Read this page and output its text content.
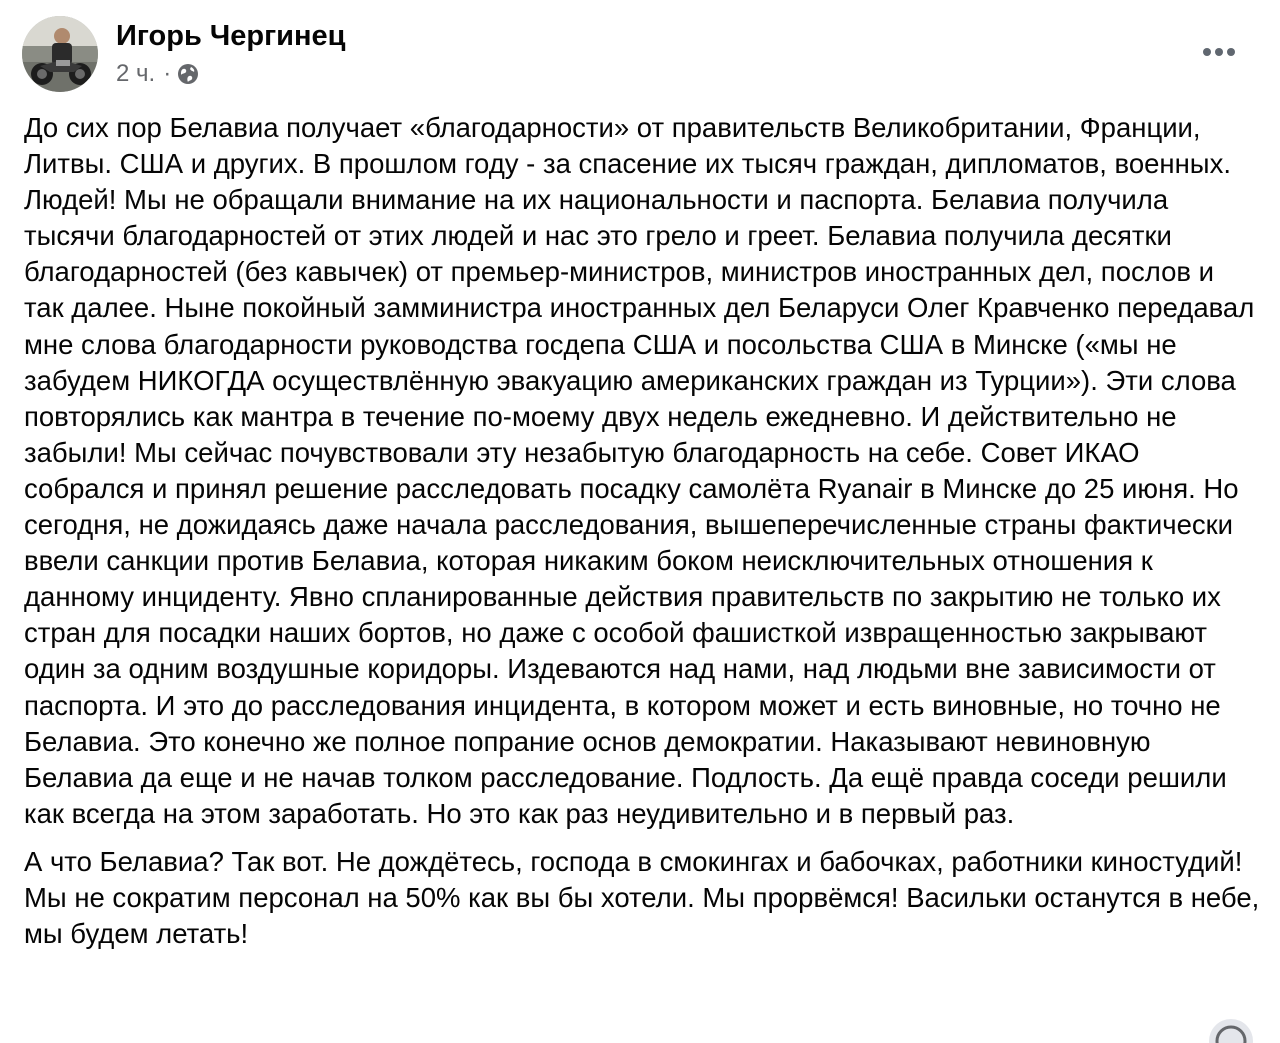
Игорь Чергинец
2 ч. ·

До сих пор Белавиа получает «благодарности» от правительств Великобритании, Франции, Литвы. США и других. В прошлом году - за спасение их тысяч граждан, дипломатов, военных. Людей! Мы не обращали внимание на их национальности и паспорта. Белавиа получила тысячи благодарностей от этих людей и нас это грело и греет. Белавиа получила десятки благодарностей (без кавычек) от премьер-министров, министров иностранных дел, послов и так далее. Ныне покойный замминистра иностранных дел Беларуси Олег Кравченко передавал мне слова благодарности руководства госдепа США и посольства США в Минске («мы не забудем НИКОГДА осуществлённую эвакуацию американских граждан из Турции»). Эти слова повторялись как мантра в течение по-моему двух недель ежедневно. И действительно не забыли! Мы сейчас почувствовали эту незабытую благодарность на себе. Совет ИКАО собрался и принял решение расследовать посадку самолёта Ryanair в Минске до 25 июня. Но сегодня, не дожидаясь даже начала расследования, вышеперечисленные страны фактически ввели санкции против Белавиа, которая никаким боком неисключительных отношения к данному инциденту. Явно спланированные действия правительств по закрытию не только их стран для посадки наших бортов, но даже с особой фашисткой извращенностью закрывают один за одним воздушные коридоры. Издеваются над нами, над людьми вне зависимости от паспорта. И это до расследования инцидента, в котором может и есть виновные, но точно не Белавиа. Это конечно же полное попрание основ демократии. Наказывают невиновную Белавиа да еще и не начав толком расследование. Подлость. Да ещё правда соседи решили как всегда на этом заработать. Но это как раз неудивительно и в первый раз.

А что Белавиа? Так вот. Не дождётесь, господа в смокингах и бабочках, работники киностудий! Мы не сократим персонал на 50% как вы бы хотели. Мы прорвёмся! Васильки останутся в небе, мы будем летать!
